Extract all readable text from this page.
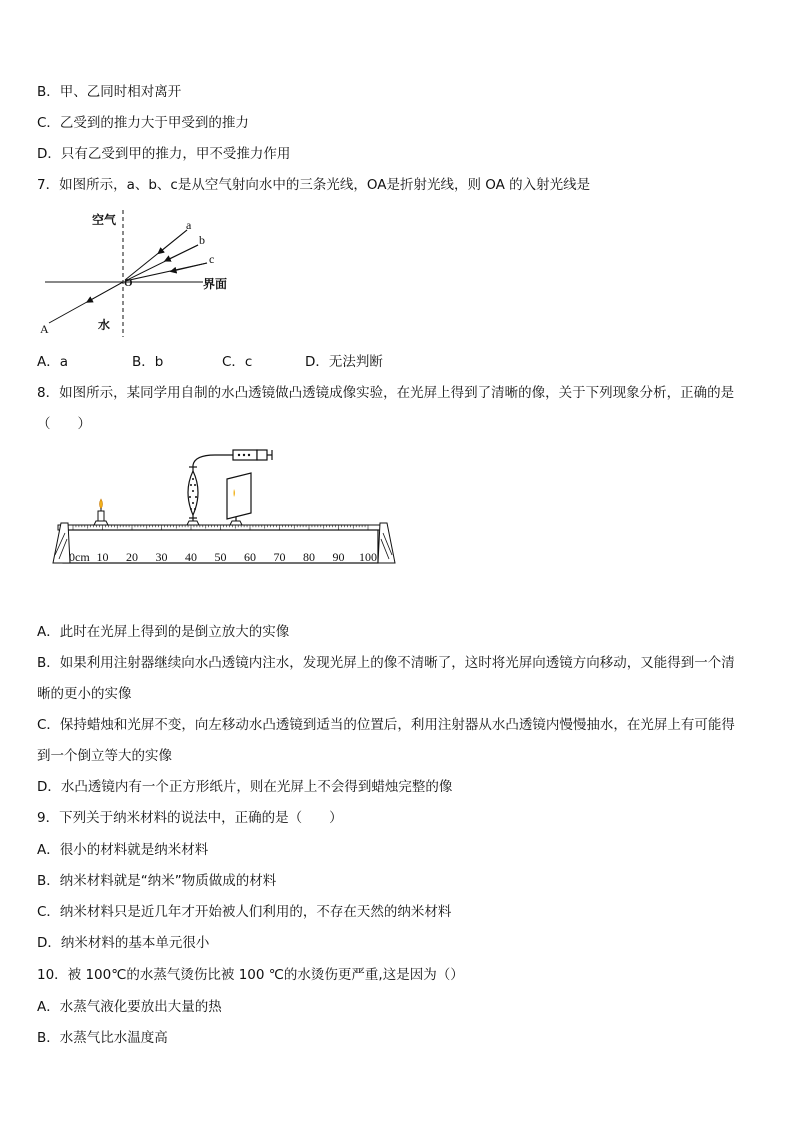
B．甲、乙同时相对离开
C．乙受到的推力大于甲受到的推力
D．只有乙受到甲的推力，甲不受推力作用
7．如图所示，a、b、c是从空气射向水中的三条光线，OA是折射光线，则 OA 的入射光线是
空气
水
界面
a
b
c
O
A
A．a	B．b	C．c	D．无法判断
8．如图所示，某同学用自制的水凸透镜做凸透镜成像实验，在光屏上得到了清晰的像，关于下列现象分析，正确的是
（　　）
0cm 10 20 30 40 50 60 70 80 90 100
A．此时在光屏上得到的是倒立放大的实像
B．如果利用注射器继续向水凸透镜内注水，发现光屏上的像不清晰了，这时将光屏向透镜方向移动，又能得到一个清
晰的更小的实像
C．保持蜡烛和光屏不变，向左移动水凸透镜到适当的位置后，利用注射器从水凸透镜内慢慢抽水，在光屏上有可能得
到一个倒立等大的实像
D．水凸透镜内有一个正方形纸片，则在光屏上不会得到蜡烛完整的像
9．下列关于纳米材料的说法中，正确的是（　　）
A．很小的材料就是纳米材料
B．纳米材料就是“纳米”物质做成的材料
C．纳米材料只是近几年才开始被人们利用的，不存在天然的纳米材料
D．纳米材料的基本单元很小
10．被 100℃的水蒸气烫伤比被 100 ℃的水烫伤更严重,这是因为（）
A．水蒸气液化要放出大量的热
B．水蒸气比水温度高
